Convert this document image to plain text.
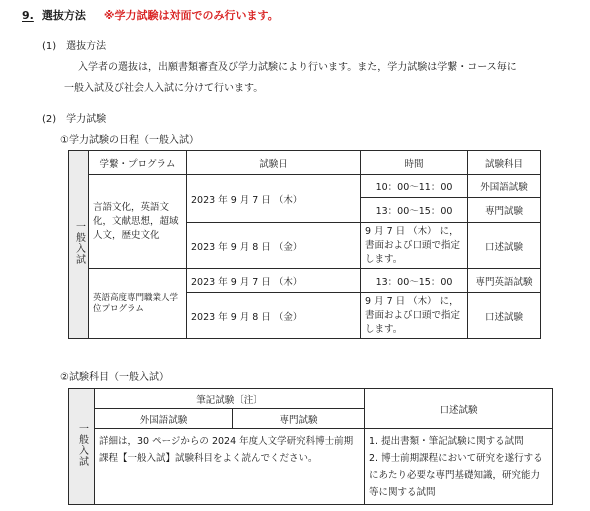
9. 選抜方法 ※学力試験は対面でのみ行います。
(1)　選抜方法
入学者の選抜は，出願書類審査及び学力試験により行います。また，学力試験は学繋・コース毎に
一般入試及び社会人入試に分けて行います。
(2)　学力試験
①学力試験の日程（一般入試）
一般入試	学繋・プログラム	試験日	時間	試験科目

	言語文化，英語文化，文献思想，超域人文，歴史文化	2023 年 9 月 7 日 （木）	10：00～11：00	外国語試験
			13：00～15：00	専門試験
		2023 年 9 月 8 日 （金）	9 月 7 日 （木） に，書面および口頭で指定します。	口述試験

	英語高度専門職業人学位プログラム	2023 年 9 月 7 日 （木）	13：00～15：00	専門英語試験
		2023 年 9 月 8 日 （金）	9 月 7 日 （木） に，書面および口頭で指定します。	口述試験
②試験科目（一般入試）
一般入試	筆記試験〔注〕		口述試験
	外国語試験	専門試験	

	詳細は，30 ページからの 2024 年度人文学研究科博士前期課程【一般入試】試験科目をよく読んでください。		1. 提出書類・筆記試験に関する試問
2. 博士前期課程において研究を遂行するにあたり必要な専門基礎知識，研究能力等に関する試問
